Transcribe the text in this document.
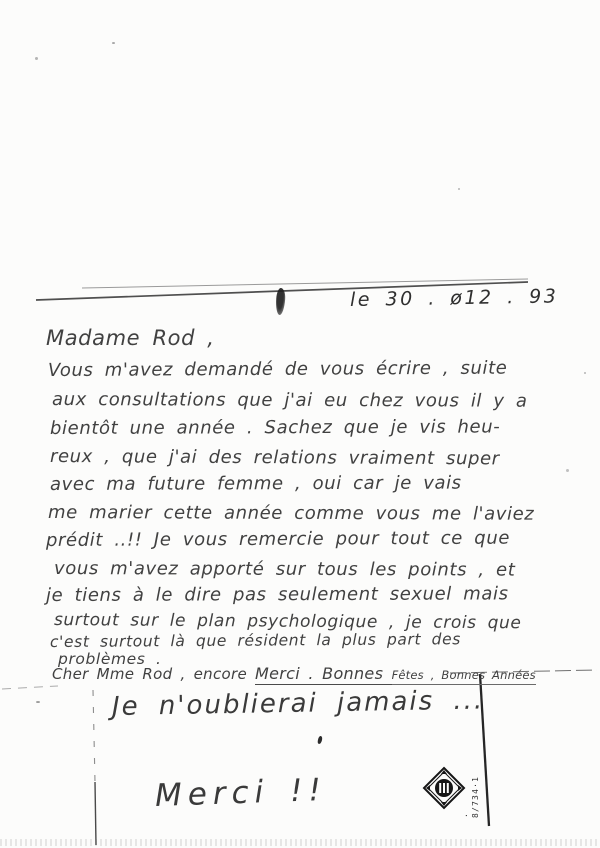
le 30 . ø12 . 93
Madame Rod ,
Vous m'avez demandé de vous écrire , suite
aux consultations que j'ai eu chez vous il y a
bientôt une année . Sachez que je vis heu-
reux , que j'ai des relations vraiment super
avec ma future femme , oui car je vais
me marier cette année comme vous me l'aviez
prédit ..!! Je vous remercie pour tout ce que
vous m'avez apporté sur tous les points , et
je tiens à le dire pas seulement sexuel mais
surtout sur le plan psychologique , je crois que
c'est surtout là que résident la plus part des
problèmes .
Cher Mme Rod , encore Merci . Bonnes Fêtes , Bonnes Années
Je n'oublierai jamais ...
Merci !!
· 8/734·1
